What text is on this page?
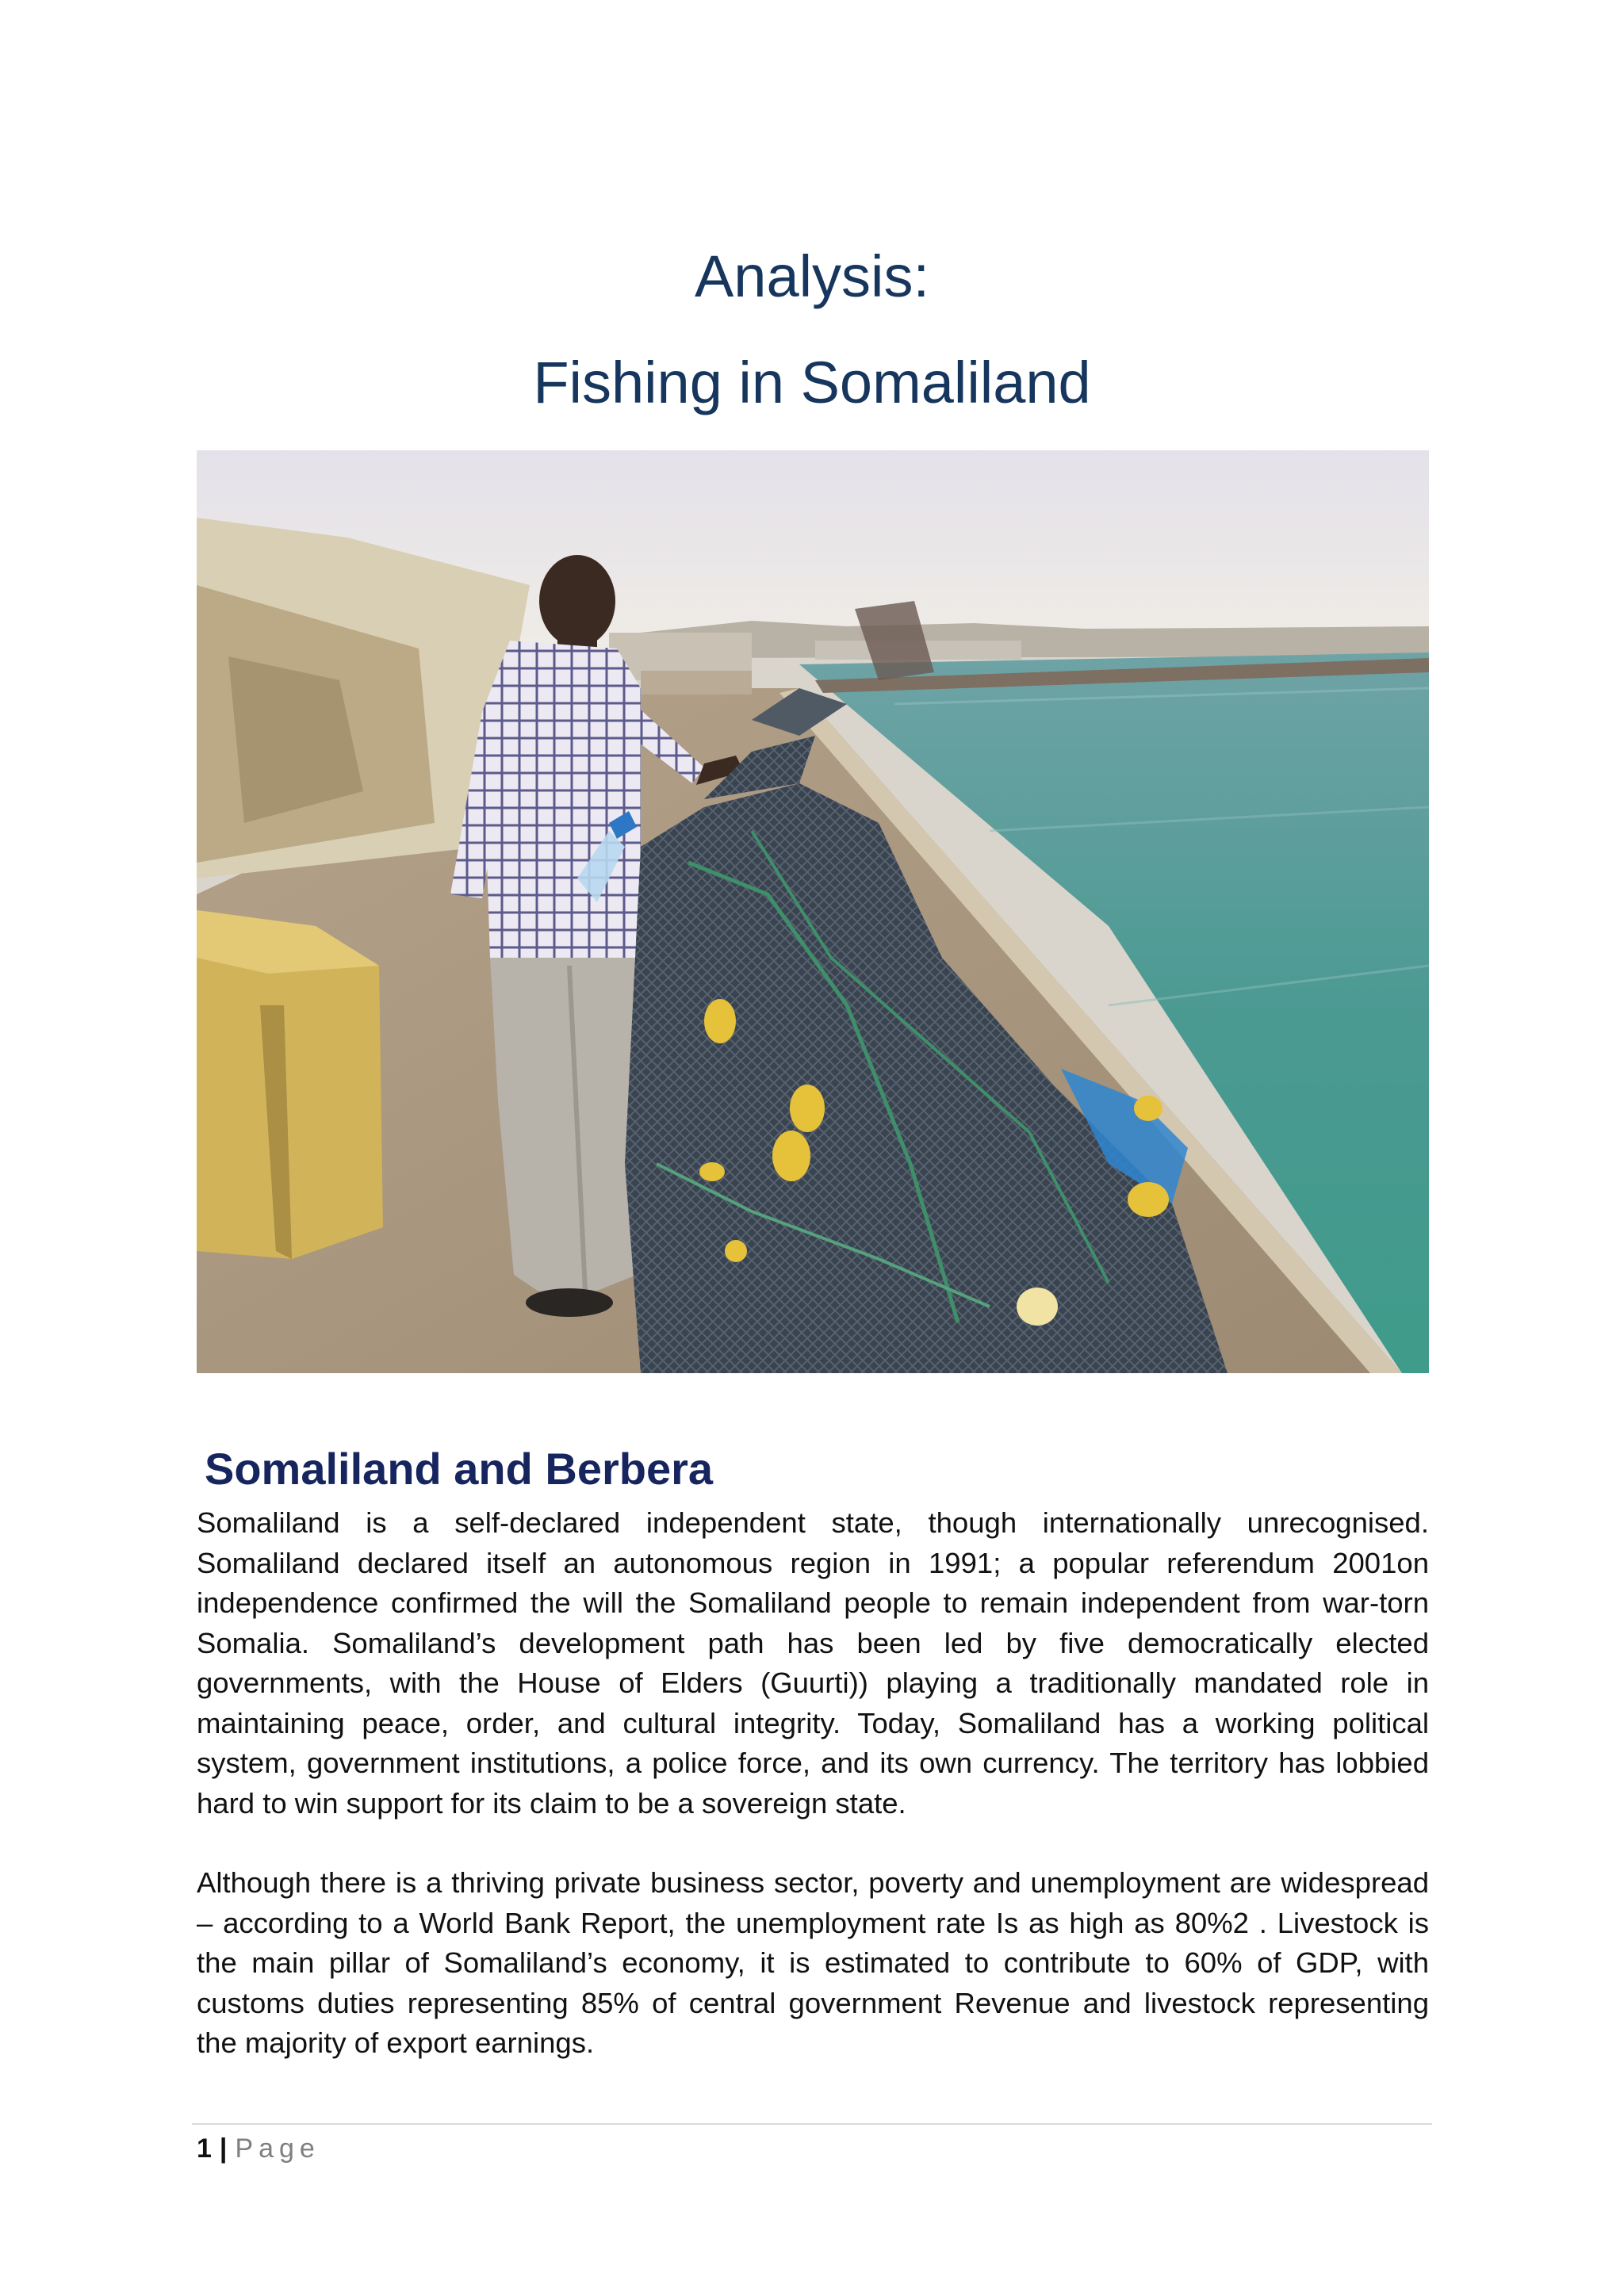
Analysis:
Fishing in Somaliland
Somaliland and Berbera
Somaliland is a self-declared independent state, though internationally unrecognised. Somaliland declared itself an autonomous region in 1991; a popular referendum 2001on independence confirmed the will the Somaliland people to remain independent from war-torn Somalia. Somaliland’s development path has been led by five democratically elected governments, with the House of Elders (Guurti)) playing a traditionally mandated role in maintaining peace, order, and cultural integrity. Today, Somaliland has a working political system, government institutions, a police force, and its own currency. The territory has lobbied hard to win support for its claim to be a sovereign state.
Although there is a thriving private business sector, poverty and unemployment are widespread – according to a World Bank Report, the unemployment rate Is as high as 80%2 . Livestock is the main pillar of Somaliland’s economy, it is estimated to contribute to 60% of GDP, with customs duties representing 85% of central government Revenue and livestock representing the majority of export earnings.
1 | Page
